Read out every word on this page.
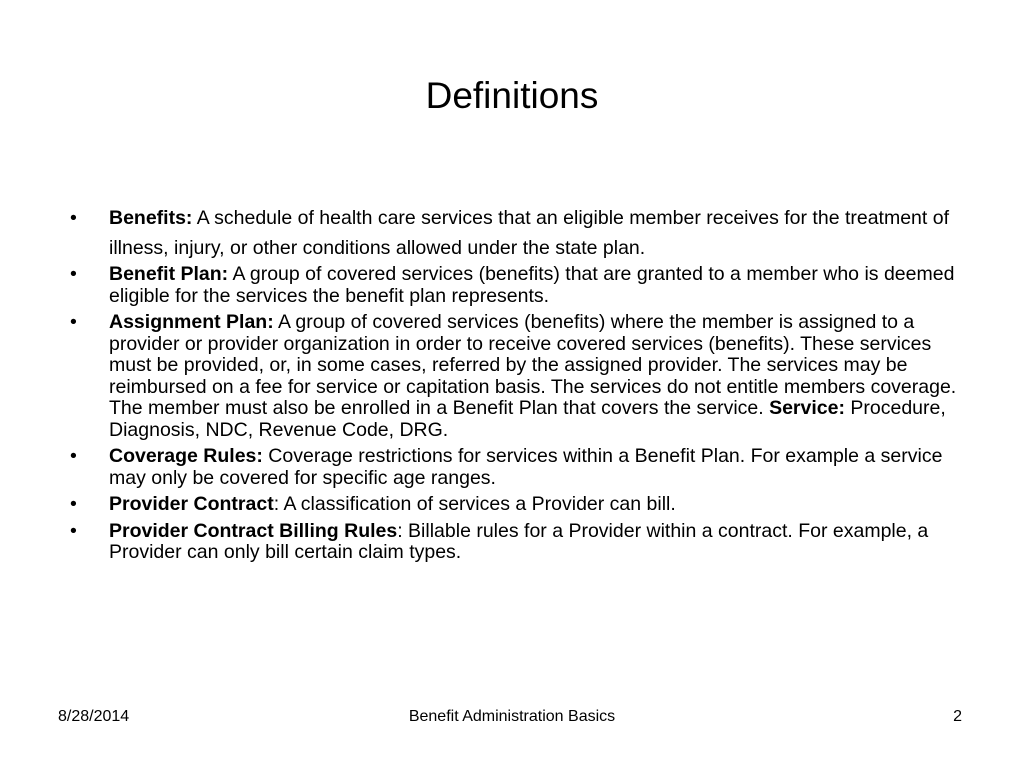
Definitions
• Benefits: A schedule of health care services that an eligible member receives for the treatment of illness, injury, or other conditions allowed under the state plan.
• Benefit Plan: A group of covered services (benefits) that are granted to a member who is deemed eligible for the services the benefit plan represents.
• Assignment Plan: A group of covered services (benefits) where the member is assigned to a provider or provider organization in order to receive covered services (benefits). These services must be provided, or, in some cases, referred by the assigned provider. The services may be reimbursed on a fee for service or capitation basis. The services do not entitle members coverage. The member must also be enrolled in a Benefit Plan that covers the service. Service: Procedure, Diagnosis, NDC, Revenue Code, DRG.
• Coverage Rules: Coverage restrictions for services within a Benefit Plan. For example a service may only be covered for specific age ranges.
• Provider Contract: A classification of services a Provider can bill.
• Provider Contract Billing Rules: Billable rules for a Provider within a contract. For example, a Provider can only bill certain claim types.
8/28/2014	Benefit Administration Basics	2
